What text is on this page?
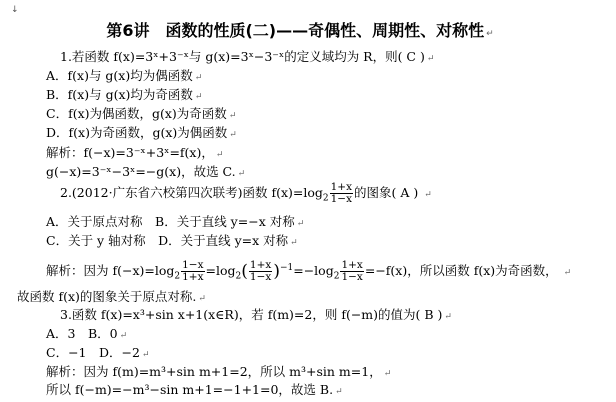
↓
第6讲　函数的性质(二)——奇偶性、周期性、对称性 ↵
1.若函数 f(x)=3ˣ+3⁻ˣ与 g(x)=3ˣ−3⁻ˣ的定义域均为 R，则( C ) ↵
A．f(x)与 g(x)均为偶函数 ↵
B．f(x)与 g(x)均为奇函数 ↵
C．f(x)为偶函数，g(x)为奇函数 ↵
D．f(x)为奇函数，g(x)为偶函数 ↵
解析：f(−x)=3⁻ˣ+3ˣ=f(x)， ↵
g(−x)=3⁻ˣ−3ˣ=−g(x)，故选 C. ↵
2.(2012·广东省六校第四次联考)函数 $f(x)=\log_2 \frac{1+x}{1-x}$ 的图象( A ) ↵
A．关于原点对称　B．关于直线 y=−x 对称 ↵
C．关于 y 轴对称　D．关于直线 y=x 对称 ↵
解析：因为 $f(-x)=\log_2 \frac{1-x}{1+x} =\log_2( \frac{1+x}{1-x} )^{-1}=-\log_2 \frac{1+x}{1-x} =-f(x)$，所以函数 f(x)为奇函数， ↵
故函数 f(x)的图象关于原点对称. ↵
3.函数 f(x)=x³+sin x+1(x∈R)，若 f(m)=2，则 f(−m)的值为( B ) ↵
A．3　B．0 ↵
C．−1　D．−2 ↵
解析：因为 f(m)=m³+sin m+1=2，所以 m³+sin m=1， ↵
所以 f(−m)=−m³−sin m+1=−1+1=0，故选 B. ↵
